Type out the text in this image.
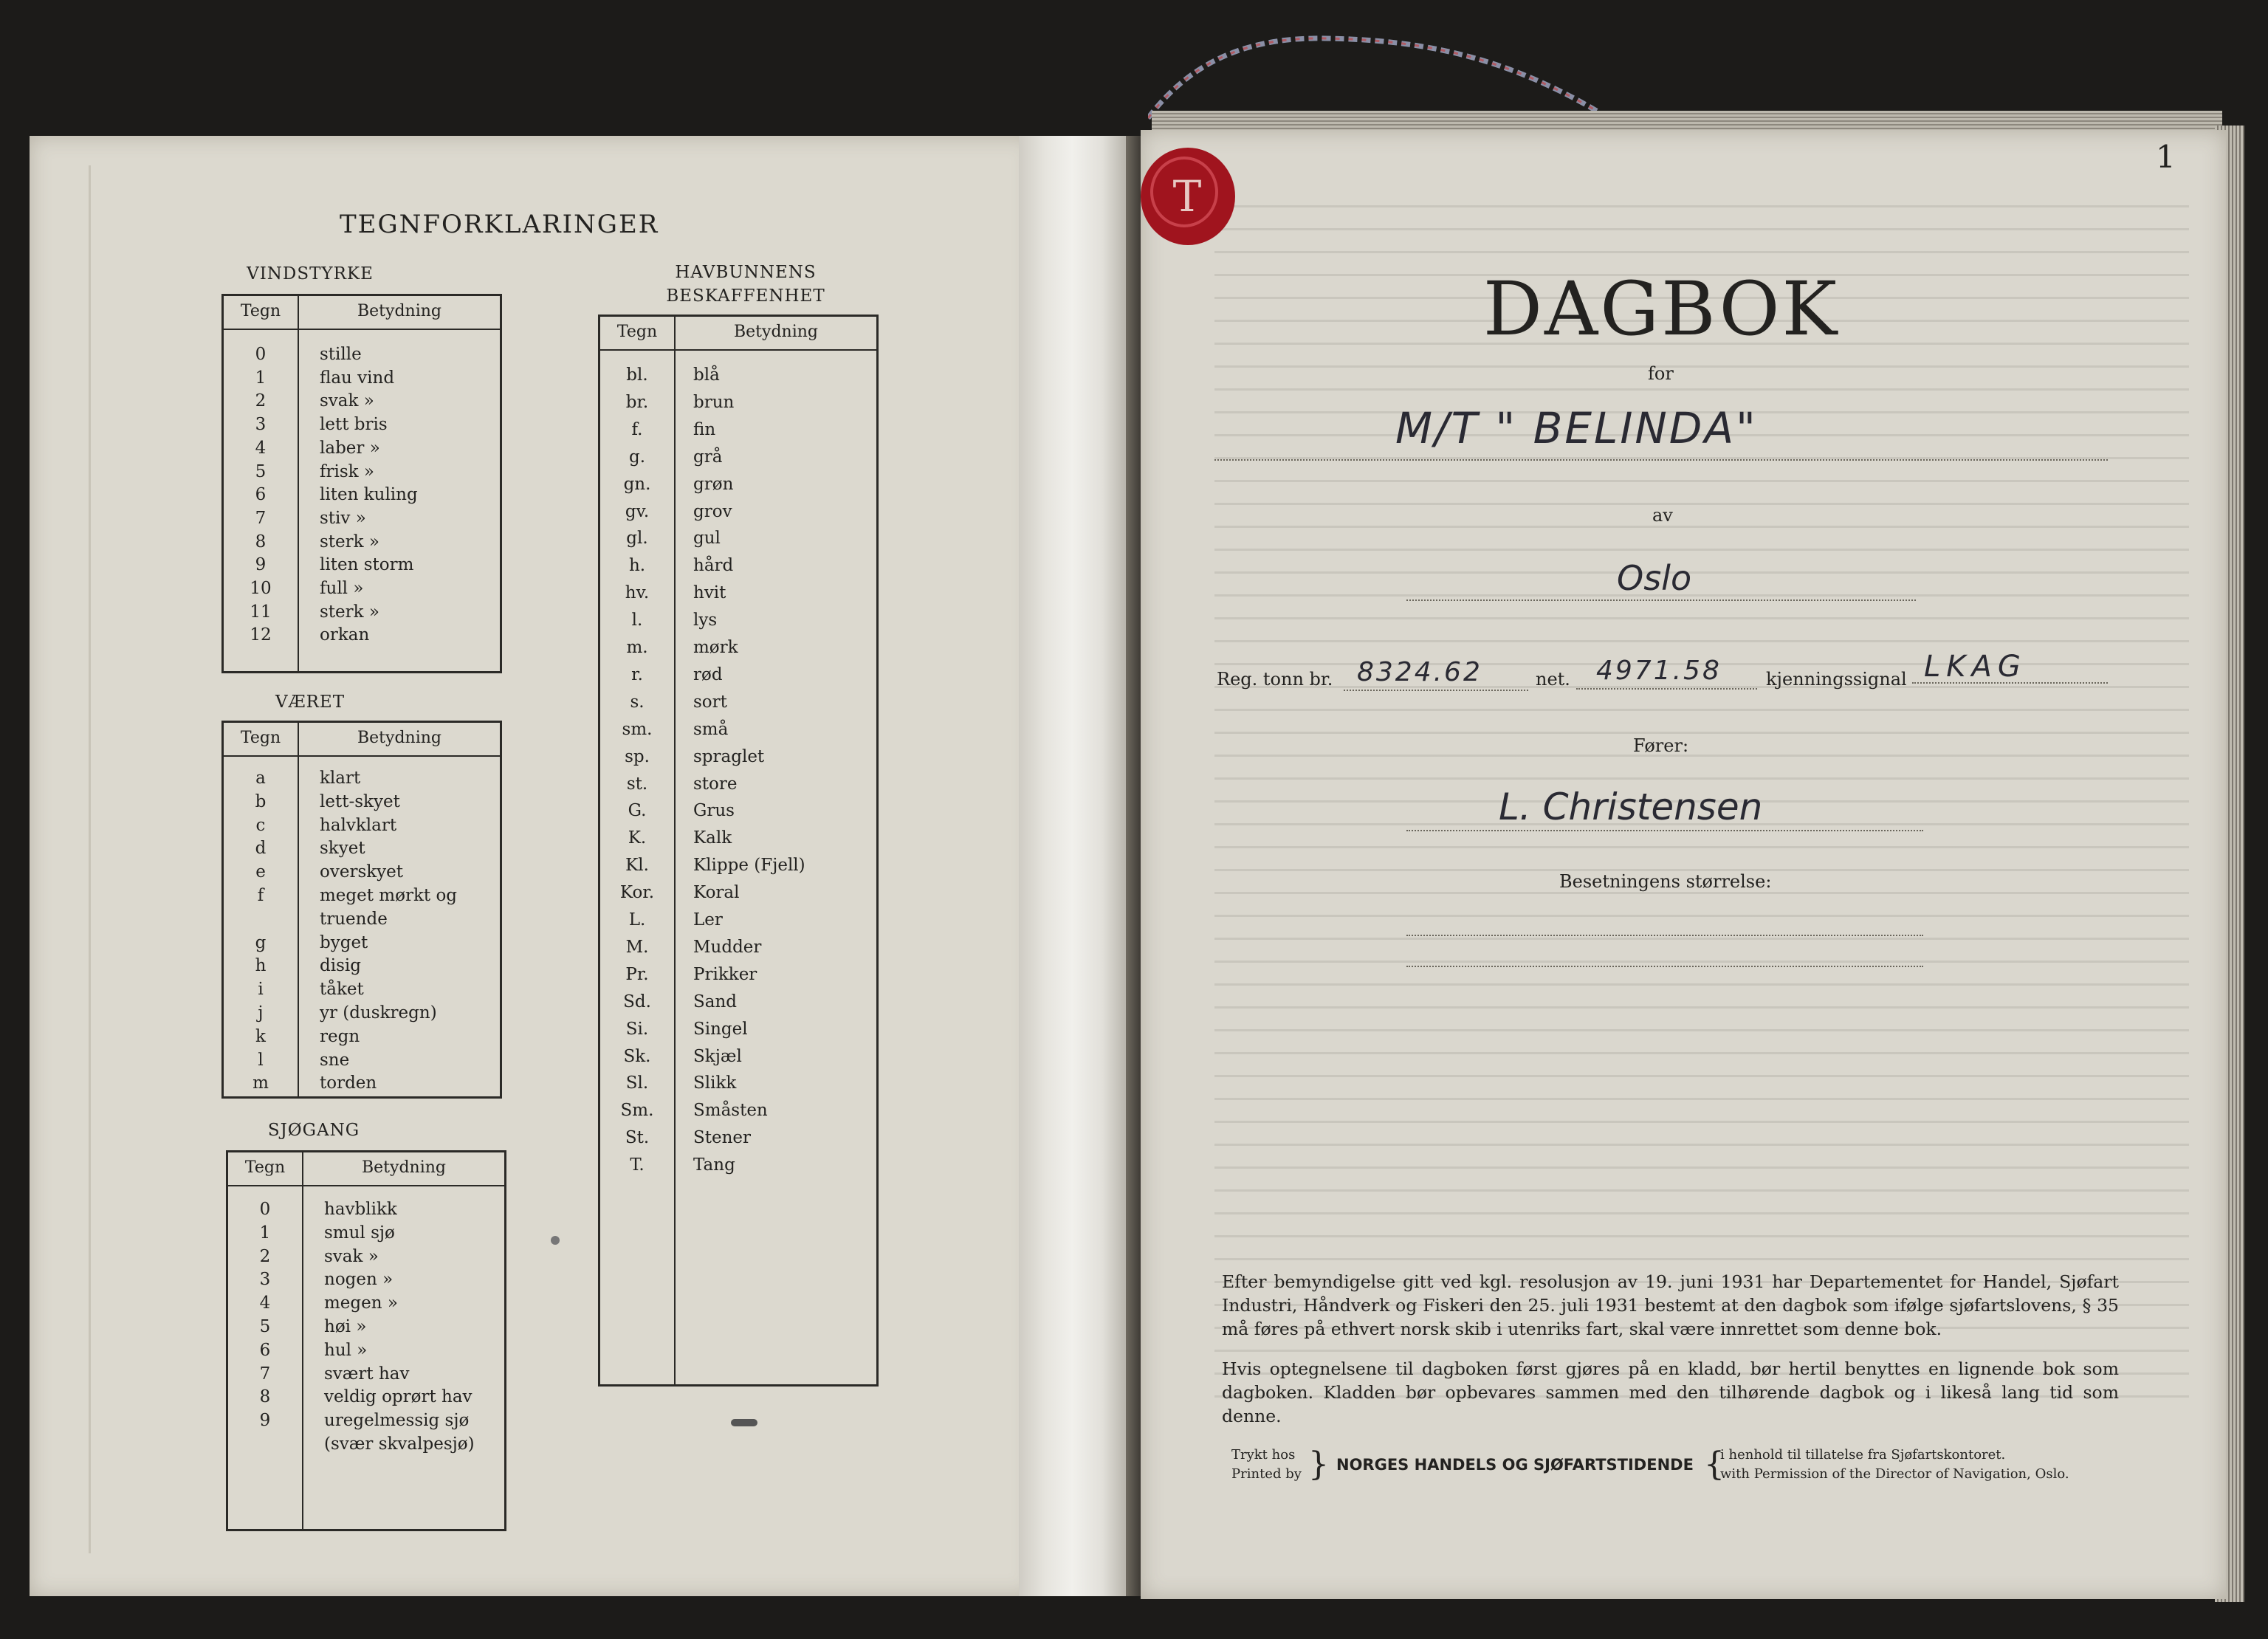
TEGNFORKLARINGER
VINDSTYRKE
Tegn	Betydning
0	stille
1	flau vind
2	svak »
3	lett bris
4	laber »
5	frisk »
6	liten kuling
7	stiv »
8	sterk »
9	liten storm
10	full »
11	sterk »
12	orkan
VÆRET
Tegn	Betydning
a	klart
b	lett-skyet
c	halvklart
d	skyet
e	overskyet
f	meget mørkt og
truende
g	byget
h	disig
i	tåket
j	yr (duskregn)
k	regn
l	sne
m	torden
SJØGANG
Tegn	Betydning
0	havblikk
1	smul sjø
2	svak »
3	nogen »
4	megen »
5	høi »
6	hul »
7	svært hav
8	veldig oprørt hav
9	uregelmessig sjø
(svær skvalpesjø)
HAVBUNNENS
BESKAFFENHET
Tegn	Betydning
bl.	blå
br.	brun
f.	fin
g.	grå
gn.	grøn
gv.	grov
gl.	gul
h.	hård
hv.	hvit
l.	lys
m.	mørk
r.	rød
s.	sort
sm.	små
sp.	spraglet
st.	store
G.	Grus
K.	Kalk
Kl.	Klippe (Fjell)
Kor.	Koral
L.	Ler
M.	Mudder
Pr.	Prikker
Sd.	Sand
Si.	Singel
Sk.	Skjæl
Sl.	Slikk
Sm.	Småsten
St.	Stener
T.	Tang
T
1
DAGBOK
for
M/T " BELINDA"
av
Oslo
Reg. tonn br. 8324.62	net. 4971.58	kjenningssignal LKAG
Fører:
L. Christensen
Besetningens størrelse:
Efter bemyndigelse gitt ved kgl. resolusjon av 19. juni 1931 har Departementet for Handel, Sjøfart Industri, Håndverk og Fiskeri den 25. juli 1931 bestemt at den dagbok som ifølge sjøfartslovens, § 35 må føres på ethvert norsk skib i utenriks fart, skal være innrettet som denne bok.
Hvis optegnelsene til dagboken først gjøres på en kladd, bør hertil benyttes en lignende bok som dagboken. Kladden bør opbevares sammen med den tilhørende dagbok og i likeså lang tid som denne.
Trykt hos
Printed by } NORGES HANDELS OG SJØFARTSTIDENDE {
i henhold til tillatelse fra Sjøfartskontoret.
with Permission of the Director of Navigation, Oslo.
